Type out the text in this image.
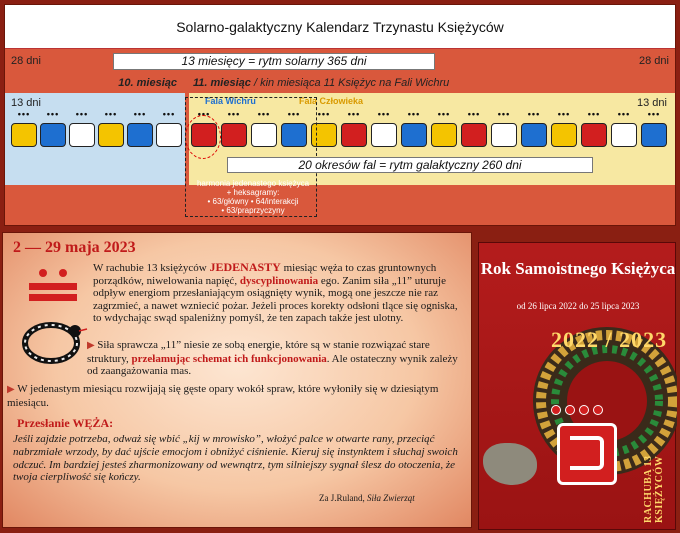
Solarno-galaktyczny Kalendarz Trzynastu Księżyców
28 dni	28 dni
13 miesięcy = rytm solarny 365 dni
10. miesiąc	11. miesiąc / kin miesiąca 11 Księżyc na Fali Wichru
13 dni	13 dni
Fala Wichru	Fala Człowieka
•••	•••	•••	•••	•••	•••	•••	•••	•••	•••	•••	•••	•••	•••	•••	•••	•••	•••	•••	•••	•••	•••
20 okresów fal = rytm galaktyczny 260 dni
harmonia jedenastego księżyca
+ heksagramy:
• 63/główny • 64/interakcji
• 63/praprzyczyny
2 — 29 maja 2023
W rachubie 13 księżyców JEDENASTY miesiąc węża to czas gruntownych porządków, niwelowania napięć, dyscyplinowania ego. Zanim siła „11” uturuje odpływ energiom przesłaniającym osiągnięty wynik, mogą one jeszcze nie raz zagrzmieć, a nawet wzniecić pożar. Jeżeli proces korekty odsłoni tlące się ogniska, to wdychając swąd spaleniżny pomyśl, że ten zapach także jest ulotny.
▶ Siła sprawcza „11” niesie ze sobą energie, które są w stanie rozwiązać stare struktury, przełamując schemat ich funkcjonowania. Ale ostateczny wynik zależy od zaangażowania mas.
▶ W jedenastym miesiącu rozwijają się gęste opary wokół spraw, które wyłoniły się w dziesiątym miesiącu.
Przesłanie WĘŻA:
Jeśli zajdzie potrzeba, odważ się wbić „kij w mrowisko”, włożyć palce w otwarte rany, przeciąć nabrzmiałe wrzody, by dać ujście emocjom i obniżyć ciśnienie. Kieruj się instynktem i słuchaj swoich odczuć. Im bardziej jesteś zharmonizowany od wewnątrz, tym silniejszy sygnał ślesz do otoczenia, że twoja cierpliwość się kończy.
Za J.Ruland, Siła Zwierząt
Rok Samoistnego Księżyca
od 26 lipca 2022 do 25 lipca 2023
2022 / 2023
RACHUBA 13 KSIĘŻYCÓW
